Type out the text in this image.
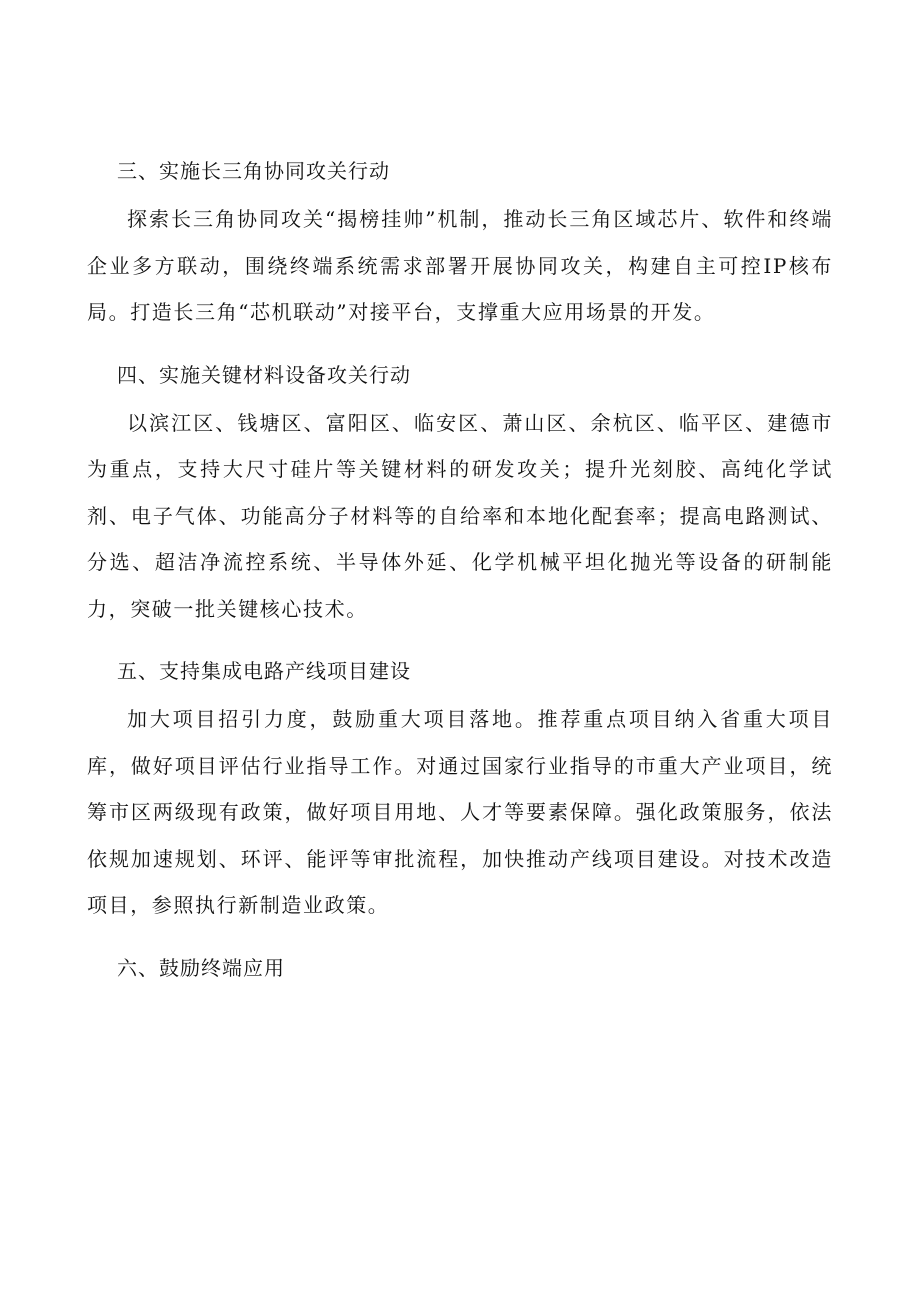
三、实施长三角协同攻关行动

探索长三角协同攻关“揭榜挂帅”机制，推动长三角区域芯片、软件和终端企业多方联动，围绕终端系统需求部署开展协同攻关，构建自主可控IP核布局。打造长三角“芯机联动”对接平台，支撑重大应用场景的开发。

四、实施关键材料设备攻关行动

以滨江区、钱塘区、富阳区、临安区、萧山区、余杭区、临平区、建德市为重点，支持大尺寸硅片等关键材料的研发攻关；提升光刻胶、高纯化学试剂、电子气体、功能高分子材料等的自给率和本地化配套率；提高电路测试、分选、超洁净流控系统、半导体外延、化学机械平坦化抛光等设备的研制能力，突破一批关键核心技术。

五、支持集成电路产线项目建设

加大项目招引力度，鼓励重大项目落地。推荐重点项目纳入省重大项目库，做好项目评估行业指导工作。对通过国家行业指导的市重大产业项目，统筹市区两级现有政策，做好项目用地、人才等要素保障。强化政策服务，依法依规加速规划、环评、能评等审批流程，加快推动产线项目建设。对技术改造项目，参照执行新制造业政策。

六、鼓励终端应用
